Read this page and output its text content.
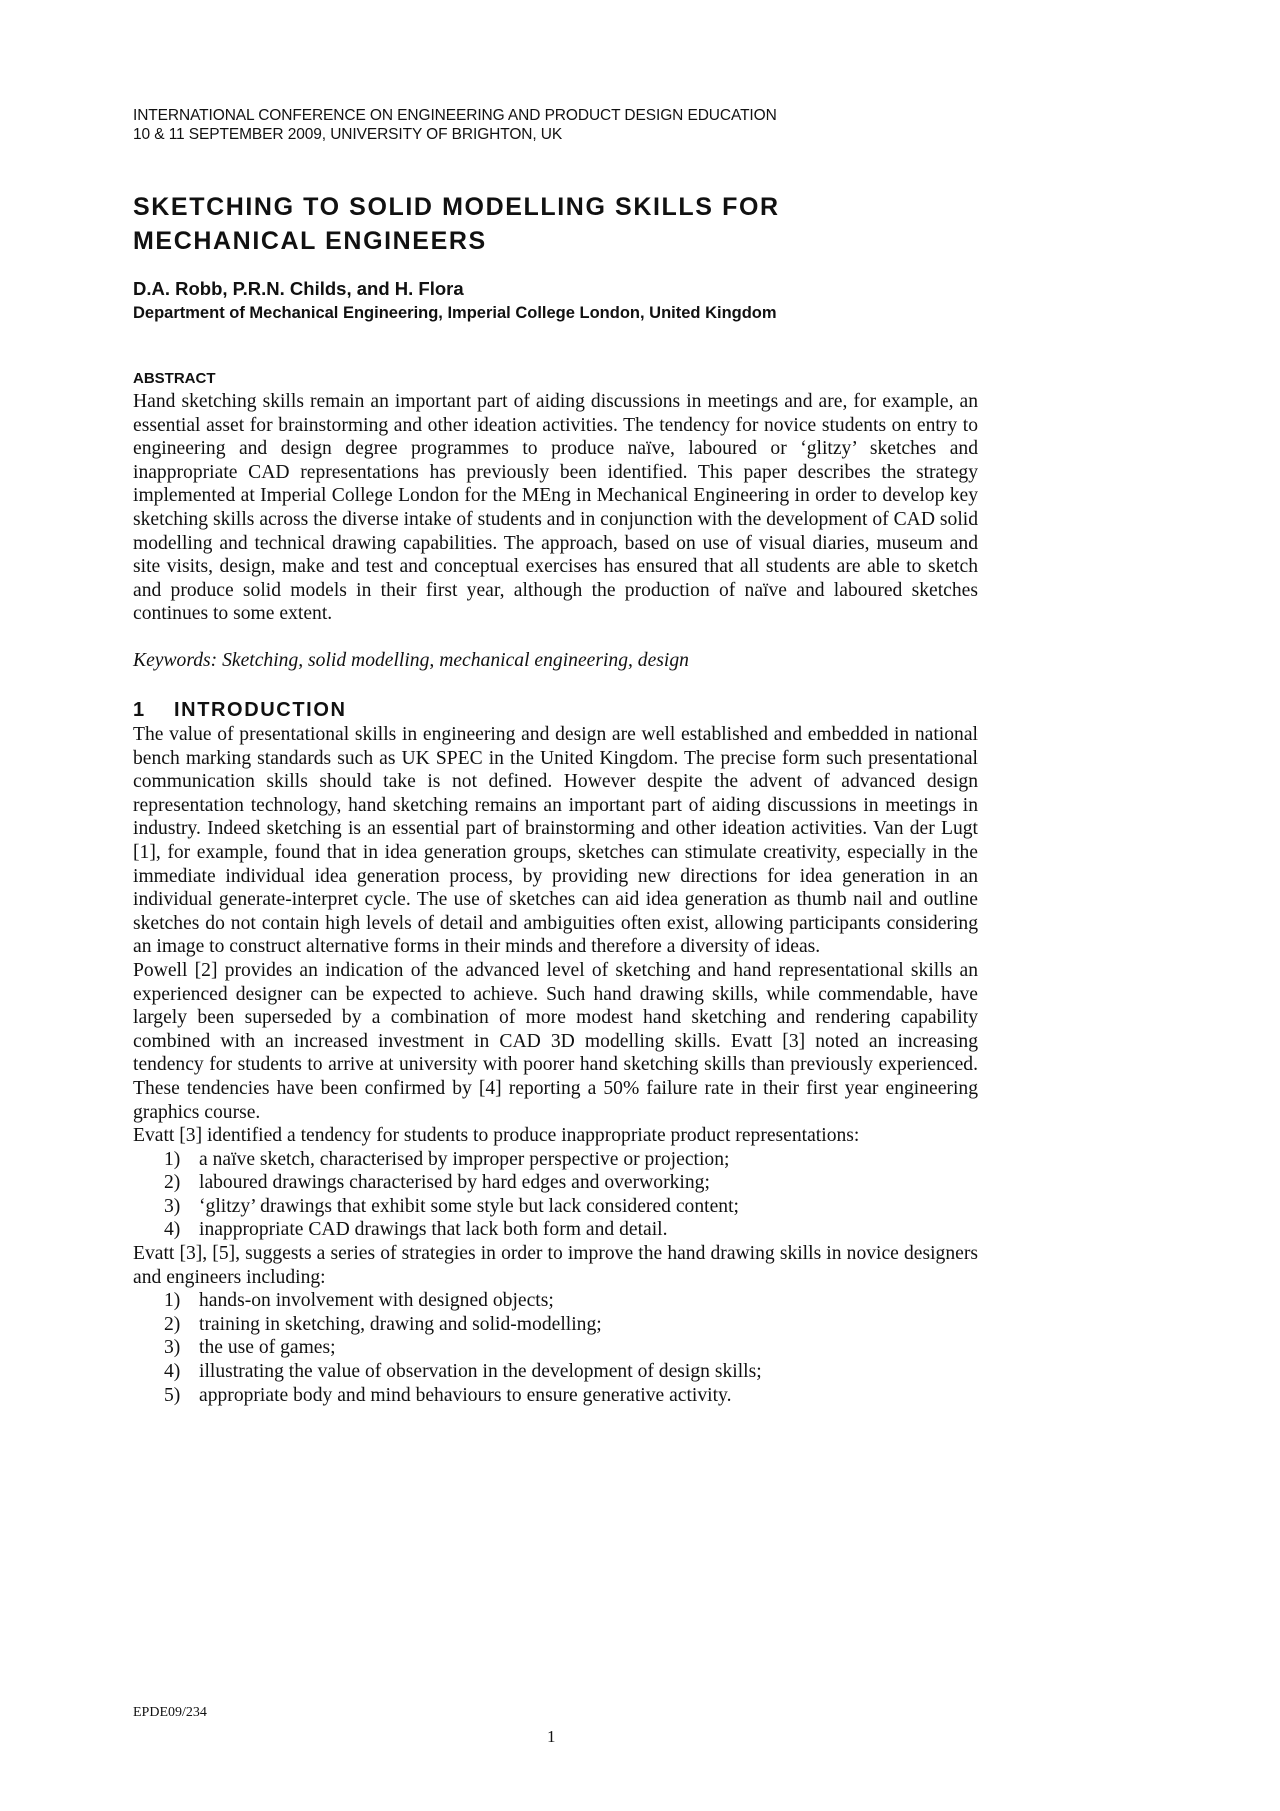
INTERNATIONAL CONFERENCE ON ENGINEERING AND PRODUCT DESIGN EDUCATION
10 & 11 SEPTEMBER 2009, UNIVERSITY OF BRIGHTON, UK
SKETCHING TO SOLID MODELLING SKILLS FOR
MECHANICAL ENGINEERS
D.A. Robb, P.R.N. Childs, and H. Flora
Department of Mechanical Engineering, Imperial College London, United Kingdom
ABSTRACT

Hand sketching skills remain an important part of aiding discussions in meetings and are, for example, an essential asset for brainstorming and other ideation activities. The tendency for novice students on entry to engineering and design degree programmes to produce naïve, laboured or ‘glitzy’ sketches and inappropriate CAD representations has previously been identified. This paper describes the strategy implemented at Imperial College London for the MEng in Mechanical Engineering in order to develop key sketching skills across the diverse intake of students and in conjunction with the development of CAD solid modelling and technical drawing capabilities. The approach, based on use of visual diaries, museum and site visits, design, make and test and conceptual exercises has ensured that all students are able to sketch and produce solid models in their first year, although the production of naïve and laboured sketches continues to some extent.

Keywords: Sketching, solid modelling, mechanical engineering, design
1 INTRODUCTION

The value of presentational skills in engineering and design are well established and embedded in national bench marking standards such as UK SPEC in the United Kingdom. The precise form such presentational communication skills should take is not defined. However despite the advent of advanced design representation technology, hand sketching remains an important part of aiding discussions in meetings in industry. Indeed sketching is an essential part of brainstorming and other ideation activities. Van der Lugt [1], for example, found that in idea generation groups, sketches can stimulate creativity, especially in the immediate individual idea generation process, by providing new directions for idea generation in an individual generate-interpret cycle. The use of sketches can aid idea generation as thumb nail and outline sketches do not contain high levels of detail and ambiguities often exist, allowing participants considering an image to construct alternative forms in their minds and therefore a diversity of ideas.

Powell [2] provides an indication of the advanced level of sketching and hand representational skills an experienced designer can be expected to achieve. Such hand drawing skills, while commendable, have largely been superseded by a combination of more modest hand sketching and rendering capability combined with an increased investment in CAD 3D modelling skills. Evatt [3] noted an increasing tendency for students to arrive at university with poorer hand sketching skills than previously experienced. These tendencies have been confirmed by [4] reporting a 50% failure rate in their first year engineering graphics course.

Evatt [3] identified a tendency for students to produce inappropriate product representations:

1) a naïve sketch, characterised by improper perspective or projection;
2) laboured drawings characterised by hard edges and overworking;
3) ‘glitzy’ drawings that exhibit some style but lack considered content;
4) inappropriate CAD drawings that lack both form and detail.

Evatt [3], [5], suggests a series of strategies in order to improve the hand drawing skills in novice designers and engineers including:

1) hands-on involvement with designed objects;
2) training in sketching, drawing and solid-modelling;
3) the use of games;
4) illustrating the value of observation in the development of design skills;
5) appropriate body and mind behaviours to ensure generative activity.
EPDE09/234
1
